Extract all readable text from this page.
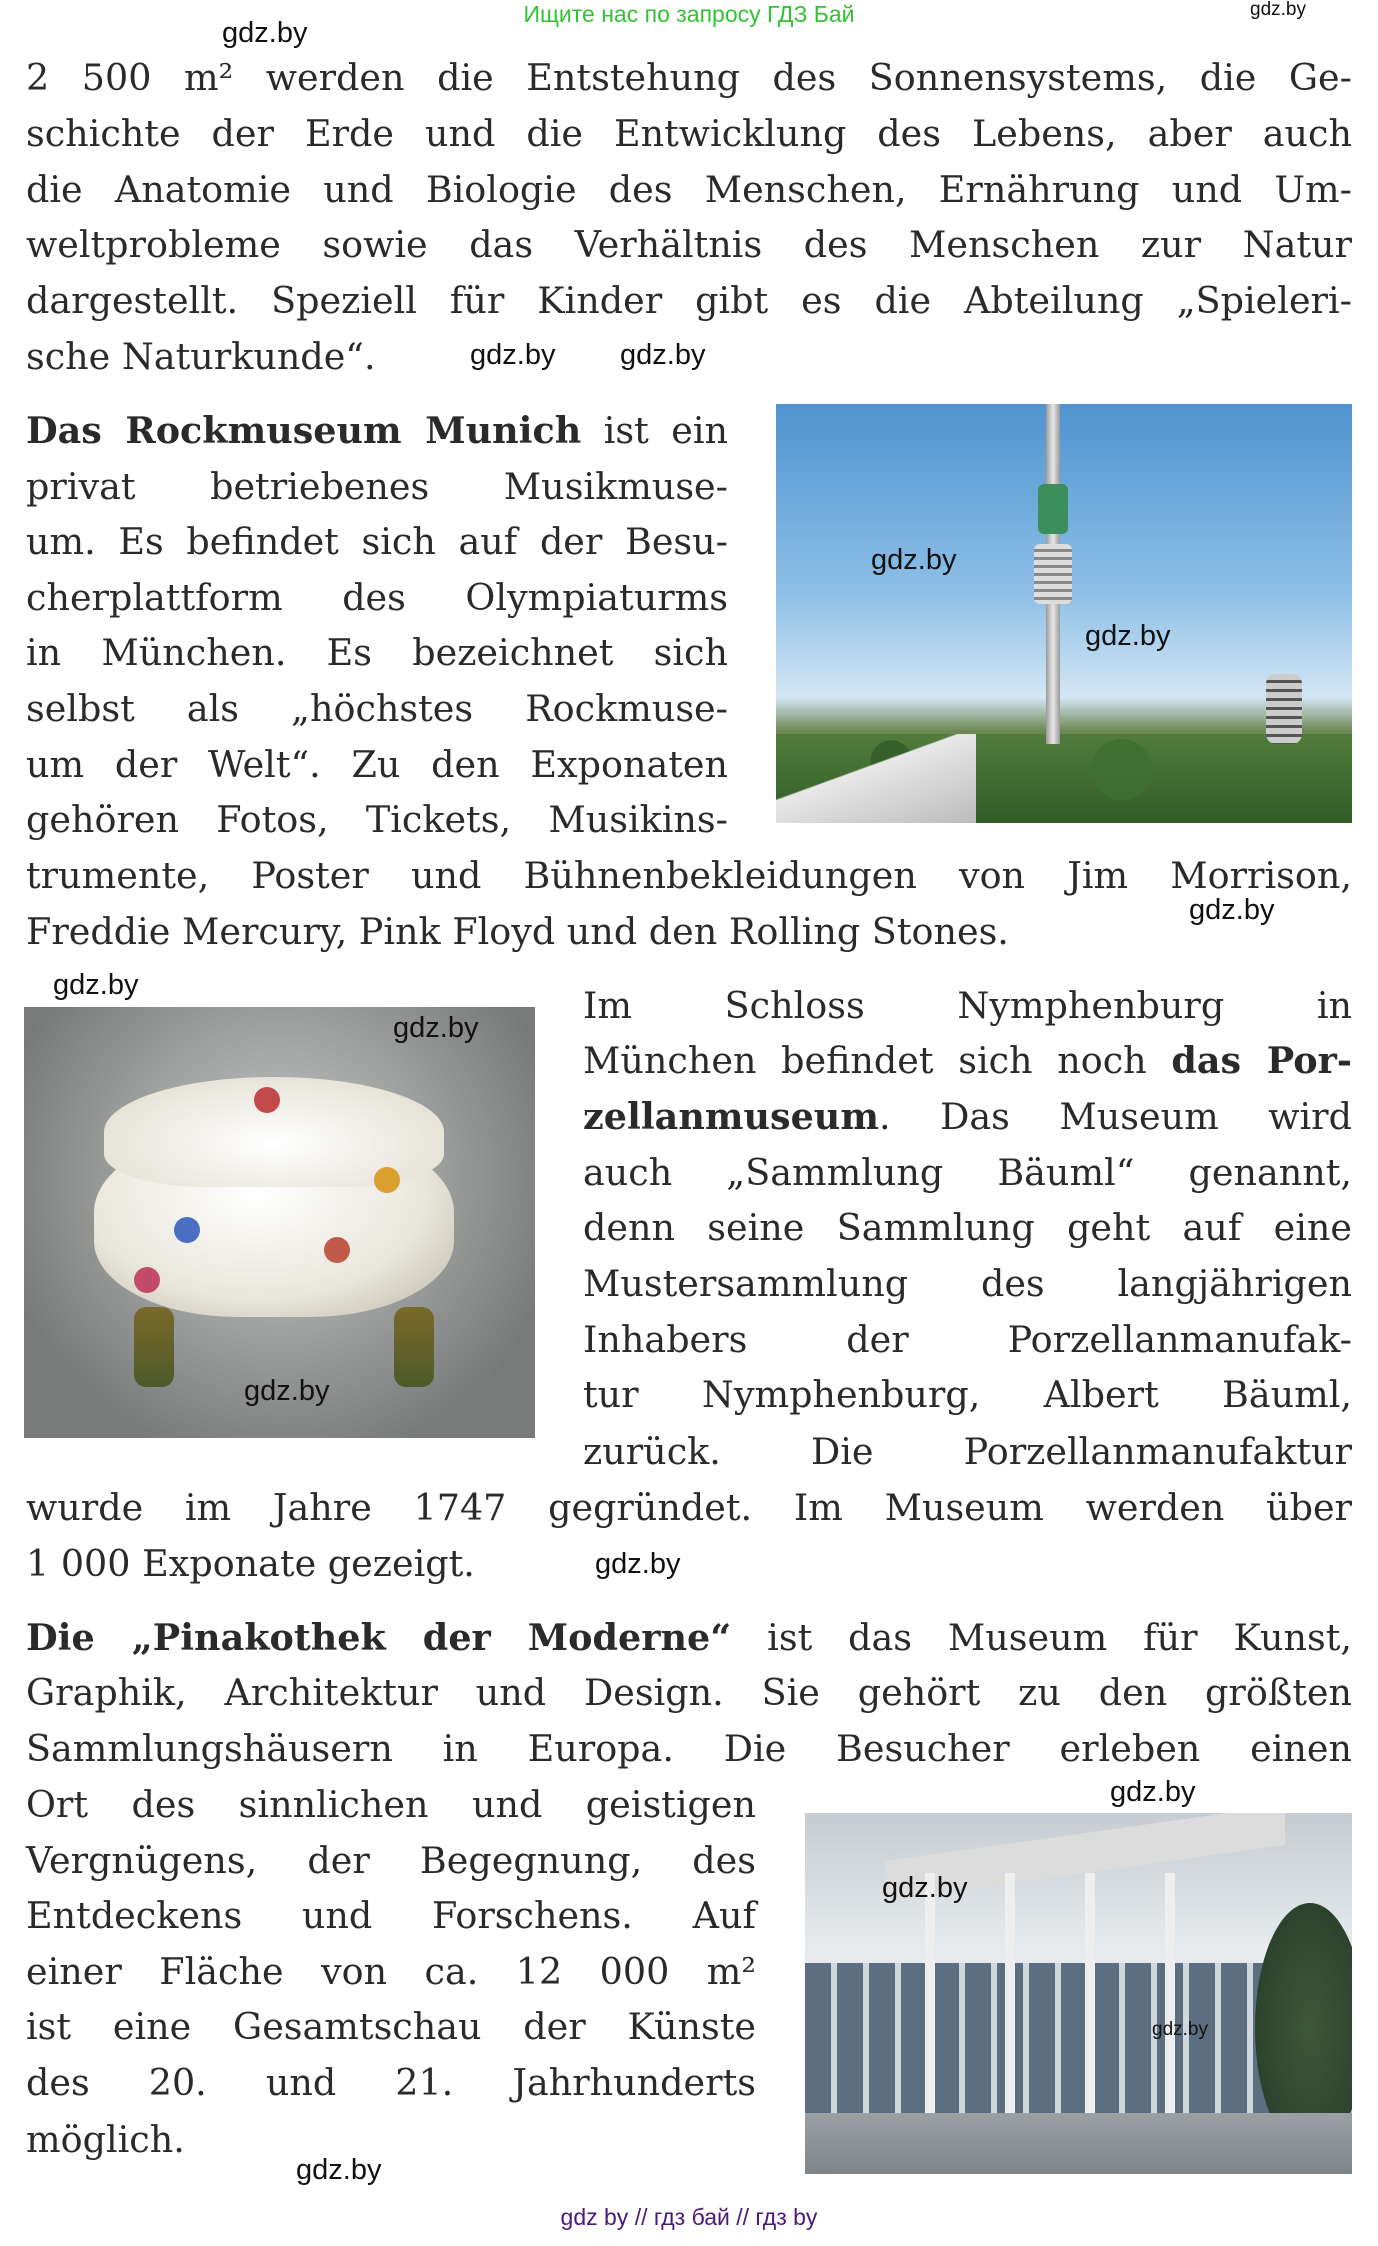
Ищите нас по запросу ГДЗ Бай
2 500 m² werden die Entstehung des Sonnensystems, die Ge-
schichte der Erde und die Entwicklung des Lebens, aber auch
die Anatomie und Biologie des Menschen, Ernährung und Um-
weltprobleme sowie das Verhältnis des Menschen zur Natur
dargestellt. Speziell für Kinder gibt es die Abteilung „Spieleri-
sche Naturkunde“.
Das Rockmuseum Munich ist ein
privat betriebenes Musikmuse-
um. Es befindet sich auf der Besu-
cherplattform des Olympiaturms
in München. Es bezeichnet sich
selbst als „höchstes Rockmuse-
um der Welt“. Zu den Exponaten
gehören Fotos, Tickets, Musikins-
trumente, Poster und Bühnenbekleidungen von Jim Morrison,
Freddie Mercury, Pink Floyd und den Rolling Stones.
Im Schloss Nymphenburg in
München befindet sich noch das Por-
zellanmuseum. Das Museum wird
auch „Sammlung Bäuml“ genannt,
denn seine Sammlung geht auf eine
Mustersammlung des langjährigen
Inhabers der Porzellanmanufak-
tur Nymphenburg, Albert Bäuml,
zurück. Die Porzellanmanufaktur
wurde im Jahre 1747 gegründet. Im Museum werden über
1 000 Exponate gezeigt.
Die „Pinakothek der Moderne“ ist das Museum für Kunst,
Graphik, Architektur und Design. Sie gehört zu den größten
Sammlungshäusern in Europa. Die Besucher erleben einen
Ort des sinnlichen und geistigen
Vergnügens, der Begegnung, des
Entdeckens und Forschens. Auf
einer Fläche von ca. 12 000 m²
ist eine Gesamtschau der Künste
des 20. und 21. Jahrhunderts
möglich.
gdz.by
gdz.by
gdz.by
gdz.by
gdz.by
gdz.by
gdz.by
gdz.by
gdz.by
gdz.by
gdz.by
gdz.by
gdz.by
gdz.by
gdz.by
gdz by // гдз бай // гдз by
